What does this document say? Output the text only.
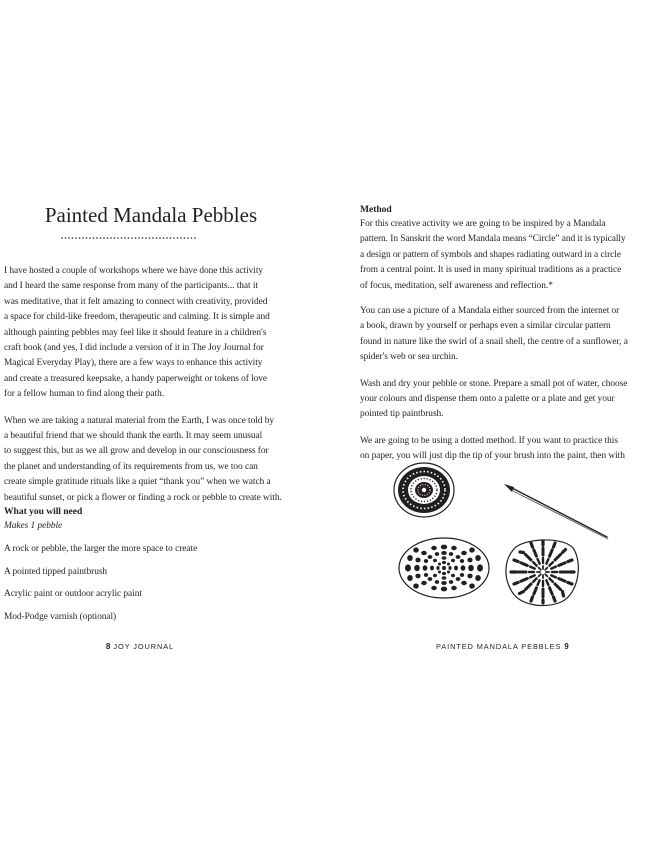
Painted Mandala Pebbles
I have hosted a couple of workshops where we have done this activity
and I heard the same response from many of the participants... that it
was meditative, that it felt amazing to connect with creativity, provided
a space for child-like freedom, therapeutic and calming. It is simple and
although painting pebbles may feel like it should feature in a children's
craft book (and yes, I did include a version of it in The Joy Journal for
Magical Everyday Play), there are a few ways to enhance this activity
and create a treasured keepsake, a handy paperweight or tokens of love
for a fellow human to find along their path.
When we are taking a natural material from the Earth, I was once told by
a beautiful friend that we should thank the earth. It may seem unusual
to suggest this, but as we all grow and develop in our consciousness for
the planet and understanding of its requirements from us, we too can
create simple gratitude rituals like a quiet “thank you” when we watch a
beautiful sunset, or pick a flower or finding a rock or pebble to create with.
What you will need
Makes 1 pebble
A rock or pebble, the larger the more space to create
A pointed tipped paintbrush
Acrylic paint or outdoor acrylic paint
Mod-Podge varnish (optional)
8 JOY JOURNAL
Method
For this creative activity we are going to be inspired by a Mandala
pattern. In Sanskrit the word Mandala means “Circle” and it is typically
a design or pattern of symbols and shapes radiating outward in a circle
from a central point. It is used in many spiritual traditions as a practice
of focus, meditation, self awareness and reflection.*
You can use a picture of a Mandala either sourced from the internet or
a book, drawn by yourself or perhaps even a similar circular pattern
found in nature like the swirl of a snail shell, the centre of a sunflower, a
spider's web or sea urchin.
Wash and dry your pebble or stone. Prepare a small pot of water, choose
your colours and dispense them onto a palette or a plate and get your
pointed tip paintbrush.
We are going to be using a dotted method. If you want to practice this
on paper, you will just dip the tip of your brush into the paint, then with
PAINTED MANDALA PEBBLES 9
